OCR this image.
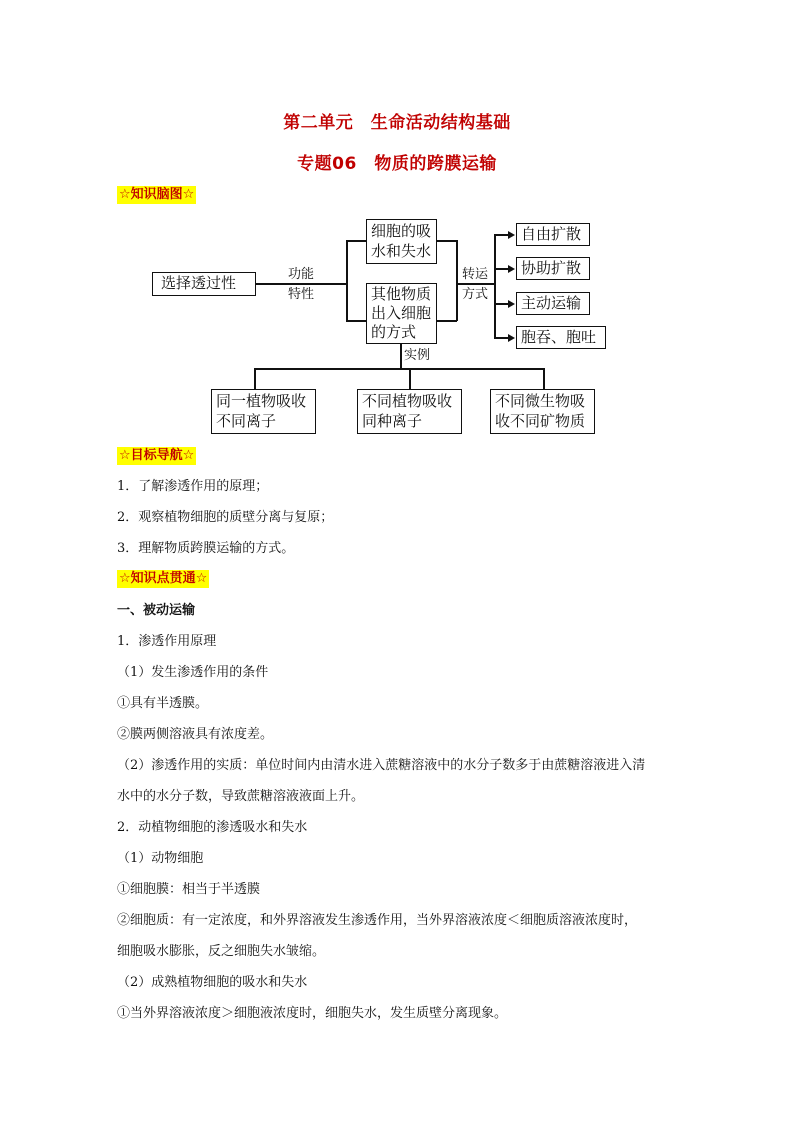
第二单元　生命活动结构基础
专题06　物质的跨膜运输
☆知识脑图☆
选择透过性	功能
特性
细胞的吸
水和失水
其他物质
出入细胞
的方式
转运
方式
自由扩散
协助扩散
主动运输
胞吞、胞吐
实例
同一植物吸收
不同离子
不同植物吸收
同种离子
不同微生物吸
收不同矿物质
☆目标导航☆
1．了解渗透作用的原理；
2．观察植物细胞的质壁分离与复原；
3．理解物质跨膜运输的方式。
☆知识点贯通☆
一、被动运输
1．渗透作用原理
（1）发生渗透作用的条件
①具有半透膜。
②膜两侧溶液具有浓度差。
（2）渗透作用的实质：单位时间内由清水进入蔗糖溶液中的水分子数多于由蔗糖溶液进入清
水中的水分子数，导致蔗糖溶液液面上升。
2．动植物细胞的渗透吸水和失水
（1）动物细胞
①细胞膜：相当于半透膜
②细胞质：有一定浓度，和外界溶液发生渗透作用，当外界溶液浓度＜细胞质溶液浓度时，
细胞吸水膨胀，反之细胞失水皱缩。
（2）成熟植物细胞的吸水和失水
①当外界溶液浓度＞细胞液浓度时，细胞失水，发生质壁分离现象。
